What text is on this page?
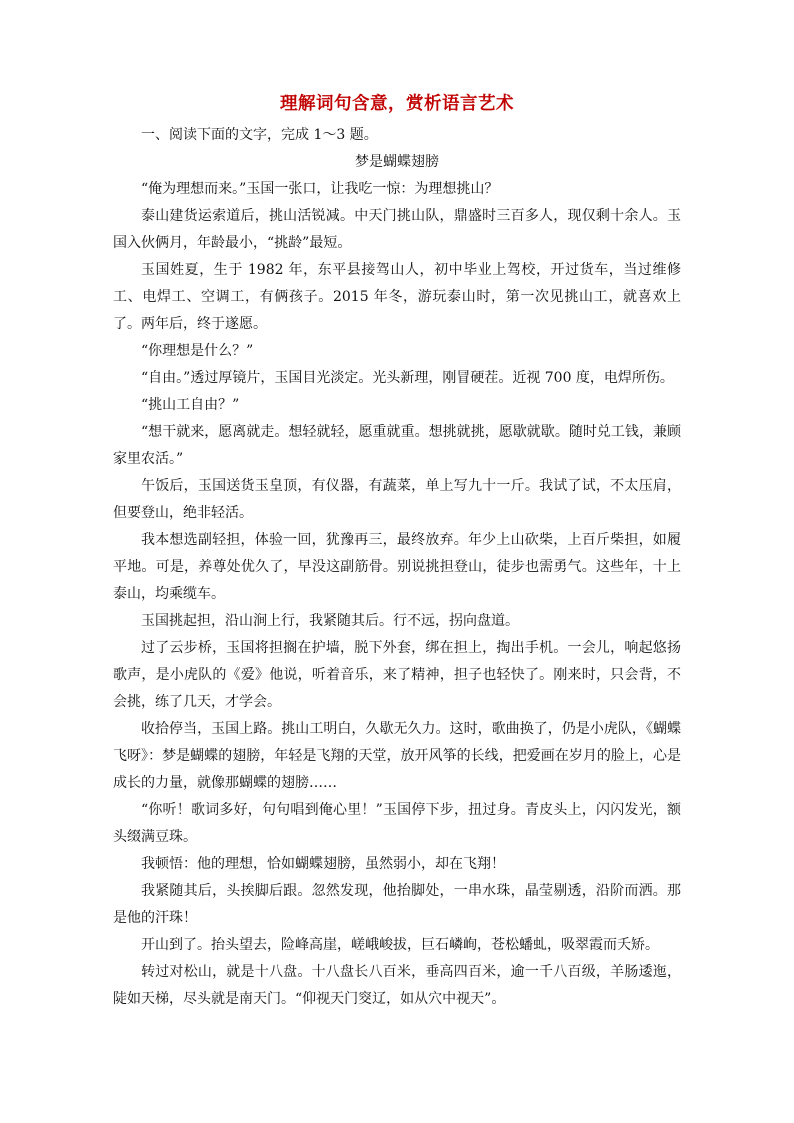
理解词句含意，赏析语言艺术

一、阅读下面的文字，完成 1～3 题。

梦是蝴蝶翅膀

“俺为理想而来。”玉国一张口，让我吃一惊：为理想挑山？

泰山建货运索道后，挑山活锐减。中天门挑山队，鼎盛时三百多人，现仅剩十余人。玉国入伙俩月，年龄最小，“挑龄”最短。

玉国姓夏，生于 1982 年，东平县接驾山人，初中毕业上驾校，开过货车，当过维修工、电焊工、空调工，有俩孩子。2015 年冬，游玩泰山时，第一次见挑山工，就喜欢上了。两年后，终于遂愿。

“你理想是什么？”

“自由。”透过厚镜片，玉国目光淡定。光头新理，刚冒硬茬。近视 700 度，电焊所伤。

“挑山工自由？”

“想干就来，愿离就走。想轻就轻，愿重就重。想挑就挑，愿歇就歇。随时兑工钱，兼顾家里农活。”

午饭后，玉国送货玉皇顶，有仪器，有蔬菜，单上写九十一斤。我试了试，不太压肩，但要登山，绝非轻活。

我本想选副轻担，体验一回，犹豫再三，最终放弃。年少上山砍柴，上百斤柴担，如履平地。可是，养尊处优久了，早没这副筋骨。别说挑担登山，徒步也需勇气。这些年，十上泰山，均乘缆车。

玉国挑起担，沿山涧上行，我紧随其后。行不远，拐向盘道。

过了云步桥，玉国将担搁在护墙，脱下外套，绑在担上，掏出手机。一会儿，响起悠扬歌声，是小虎队的《爱》他说，听着音乐，来了精神，担子也轻快了。刚来时，只会背，不会挑，练了几天，才学会。

收拾停当，玉国上路。挑山工明白，久歇无久力。这时，歌曲换了，仍是小虎队，《蝴蝶飞呀》：梦是蝴蝶的翅膀，年轻是飞翔的天堂，放开风筝的长线，把爱画在岁月的脸上，心是成长的力量，就像那蝴蝶的翅膀……

“你听！歌词多好，句句唱到俺心里！”玉国停下步，扭过身。青皮头上，闪闪发光，额头缀满豆珠。

我顿悟：他的理想，恰如蝴蝶翅膀，虽然弱小，却在飞翔！

我紧随其后，头挨脚后跟。忽然发现，他抬脚处，一串水珠，晶莹剔透，沿阶而洒。那是他的汗珠！

开山到了。抬头望去，险峰高崖，嵯峨峻拔，巨石嶙峋，苍松蟠虬，吸翠霞而夭矫。

转过对松山，就是十八盘。十八盘长八百米，垂高四百米，逾一千八百级，羊肠逶迤，陡如天梯，尽头就是南天门。“仰视天门窔辽，如从穴中视天”。
